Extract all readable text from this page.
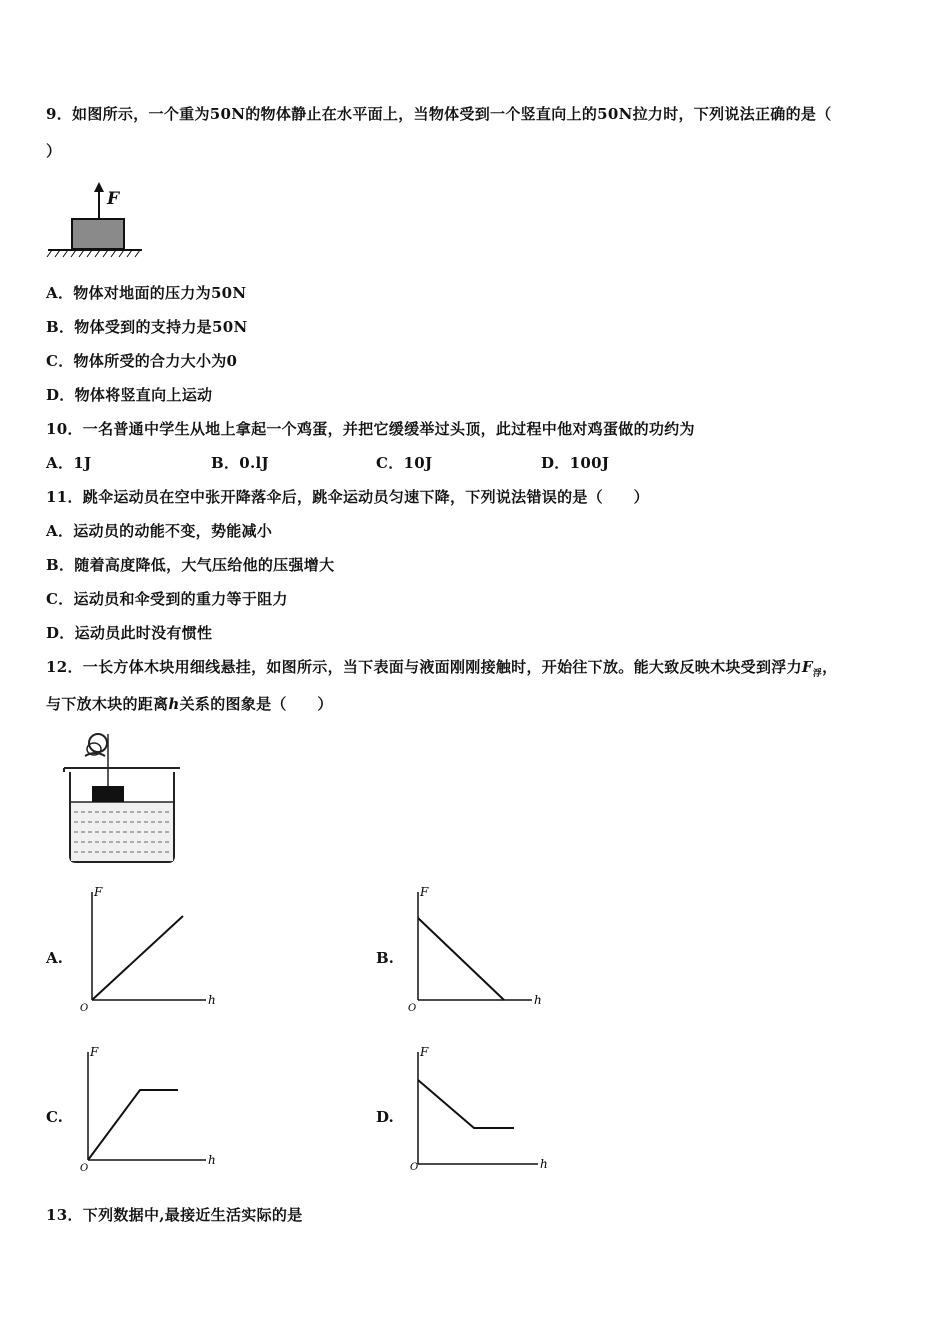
9．如图所示，一个重为50N的物体静止在水平面上，当物体受到一个竖直向上的50N拉力时，下列说法正确的是（
）
F
A．物体对地面的压力为50N
B．物体受到的支持力是50N
C．物体所受的合力大小为0
D．物体将竖直向上运动
10．一名普通中学生从地上拿起一个鸡蛋，并把它缓缓举过头顶，此过程中他对鸡蛋做的功约为
A．1J	B．0.lJ	C．10J	D．100J
11．跳伞运动员在空中张开降落伞后，跳伞运动员匀速下降，下列说法错误的是（　　）
A．运动员的动能不变，势能减小
B．随着高度降低，大气压给他的压强增大
C．运动员和伞受到的重力等于阻力
D．运动员此时没有惯性
12．一长方体木块用细线悬挂，如图所示，当下表面与液面刚刚接触时，开始往下放。能大致反映木块受到浮力$F_浮$，
与下放木块的距离h关系的图象是（　　）
A.
F
h
O
B.
F
h
O
C.
F
h
O
D.
F
h
O
13．下列数据中,最接近生活实际的是
